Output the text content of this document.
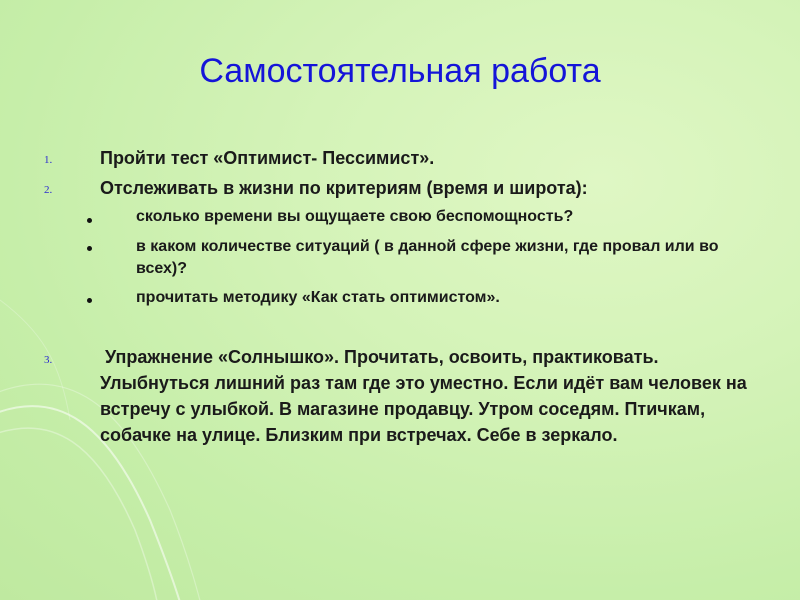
Самостоятельная работа
1.	Пройти тест «Оптимист- Пессимист».
2.	Отслеживать в жизни по критериям (время и широта):
сколько времени вы ощущаете свою беспомощность?
в каком количестве ситуаций ( в данной сфере жизни, где провал или во всех)?
прочитать методику «Как стать оптимистом».
3.	Упражнение «Солнышко». Прочитать, освоить, практиковать. Улыбнуться лишний раз там где это уместно. Если идёт вам человек на встречу с улыбкой. В магазине продавцу. Утром соседям. Птичкам, собачке на улице. Близким при встречах. Себе в зеркало.
